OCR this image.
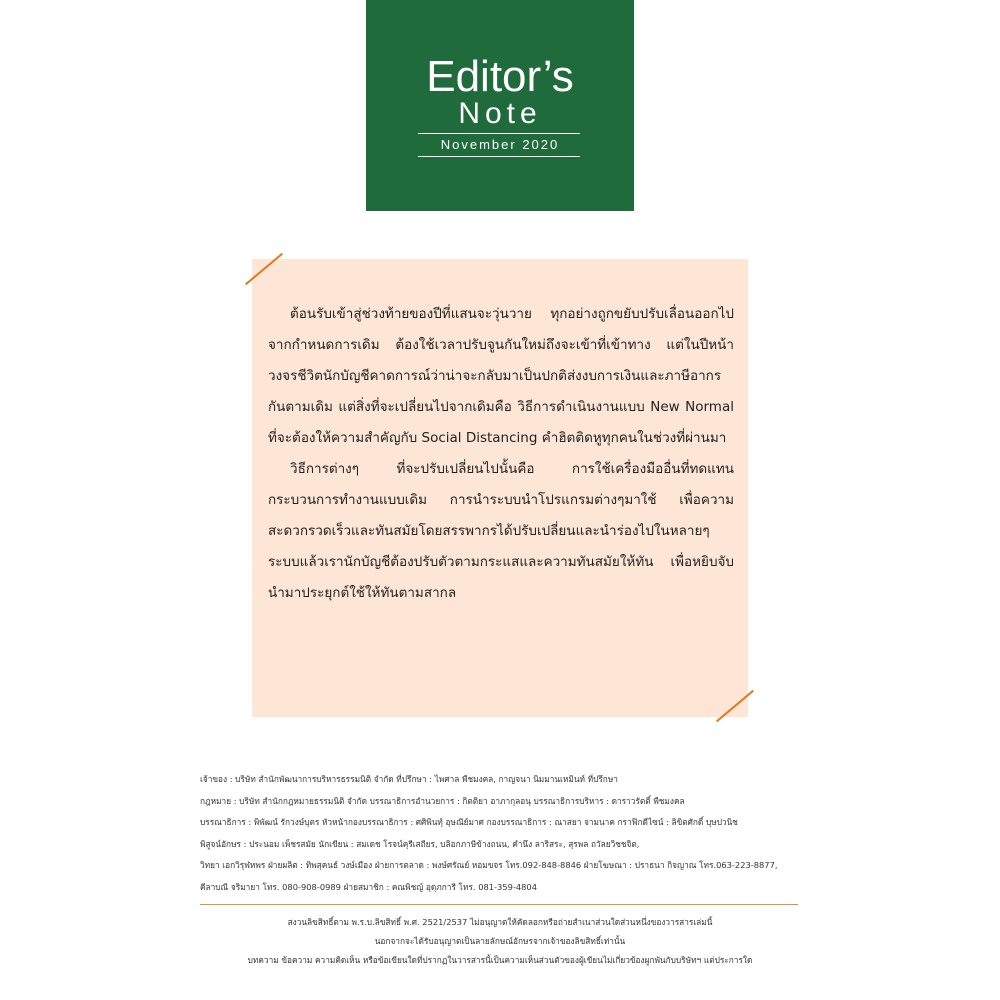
Editor’s
Note
November 2020

ต้อนรับเข้าสู่ช่วงท้ายของปีที่แสนจะวุ่นวาย ทุกอย่างถูกขยับปรับเลื่อนออกไปจากกำหนดการเดิม ต้องใช้เวลาปรับจูนกันใหม่ถึงจะเข้าที่เข้าทาง แต่ในปีหน้าวงจรชีวิตนักบัญชีคาดการณ์ว่าน่าจะกลับมาเป็นปกติส่งงบการเงินและภาษีอากรกันตามเดิม แต่สิ่งที่จะเปลี่ยนไปจากเดิมคือ วิธีการดำเนินงานแบบ New Normal ที่จะต้องให้ความสำคัญกับ Social Distancing คำฮิตติดหูทุกคนในช่วงที่ผ่านมา

วิธีการต่างๆ ที่จะปรับเปลี่ยนไปนั้นคือ การใช้เครื่องมืออื่นที่ทดแทนกระบวนการทำงานแบบเดิม การนำระบบนำโปรแกรมต่างๆมาใช้ เพื่อความสะดวกรวดเร็วและทันสมัยโดยสรรพากรได้ปรับเปลี่ยนและนำร่องไปในหลายๆระบบแล้วเรานักบัญชีต้องปรับตัวตามกระแสและความทันสมัยให้ทัน เพื่อหยิบจับนำมาประยุกต์ใช้ให้ทันตามสากล

เจ้าของ : บริษัท สำนักพัฒนาการบริหารธรรมนิติ จำกัด ที่ปรึกษา : ไพศาล พืชมงคล, กาญจนา นิมมานเหมินท์ ที่ปรึกษา
กฎหมาย : บริษัท สำนักกฎหมายธรรมนิติ จำกัด บรรณาธิการอำนวยการ : กิตติยา อาภากุลอนุ บรรณาธิการบริหาร : ดาราวรัตติ์ พืชมงคล
บรรณาธิการ : พิพัฒน์ รักวงษ์บุตร หัวหน้ากองบรรณาธิการ : ศศิพินทุ์ อุษณีย์มาศ กองบรรณาธิการ : ณาสยา จามนาค กราฟิกดีไซน์ : ลิขิตศักดิ์ บุษปวนิช
พิสูจน์อักษร : ประนอม เพ็ชรสมัย นักเขียน : สมเดช โรจน์คุรีเสถียร, บลิอกภาษีข้างถนน, คำนึง ลาริสระ, สุรพล ถวัลยวิชชจิต,
วิทยา เอกวิรุฬหพร ฝ่ายผลิต : ทิพสุคนธ์ วงษ์เมือง ฝ่ายการตลาด : พงษ์ศรัณย์ หอมขจร โทร.092-848-8846 ฝ่ายโฆษณา : ปราธนา กิจญาณ โทร.063-223-8877,
คีลาบณี จริมายา โทร. 080-908-0989 ฝ่ายสมาชิก : คณพิชญ์ อุดุภการี โทร. 081-359-4804
สงวนลิขสิทธิ์ตาม พ.ร.บ.ลิขสิทธิ์ พ.ศ. 2521/2537 ไม่อนุญาตให้คัดลอกหรือถ่ายสำเนาส่วนใดส่วนหนึ่งของวารสารเล่มนี้
นอกจากจะได้รับอนุญาตเป็นลายลักษณ์อักษรจากเจ้าของลิขสิทธิ์เท่านั้น
บทความ ข้อความ ความคิดเห็น หรือข้อเขียนใดที่ปรากฏในวารสารนี้เป็นความเห็นส่วนตัวของผู้เขียนไม่เกี่ยวข้องผูกพันกับบริษัทฯ แต่ประการใด
